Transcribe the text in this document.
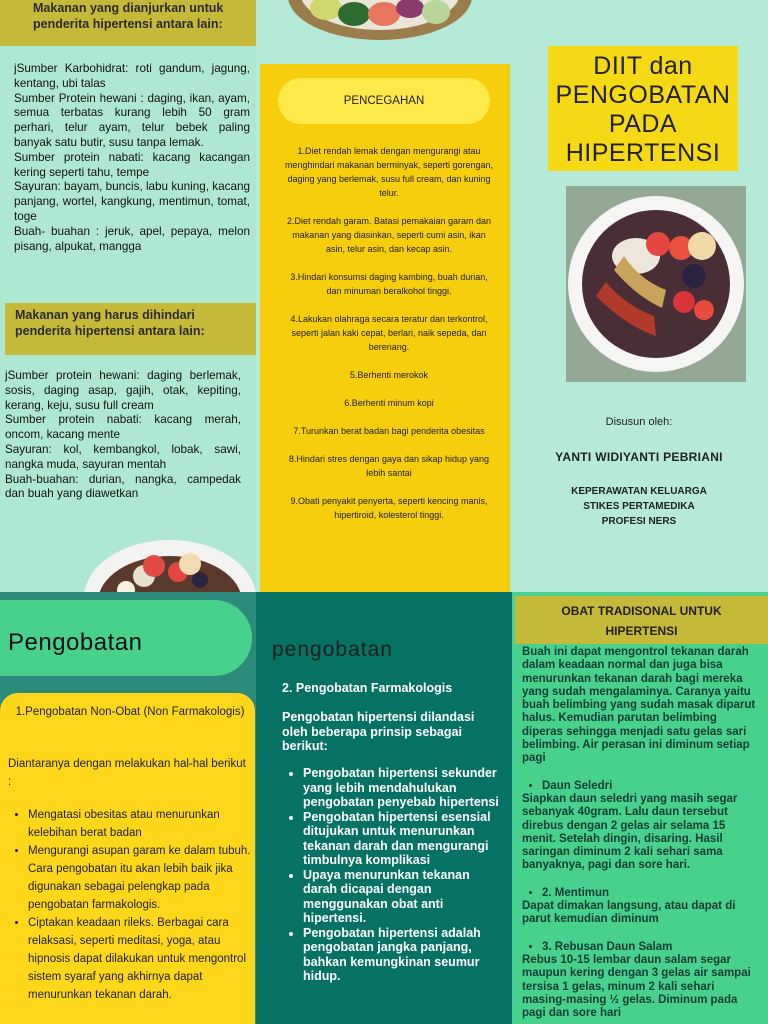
Makanan yang dianjurkan untuk penderita hipertensi antara lain:

jSumber Karbohidrat: roti gandum, jagung, kentang, ubi talas

Sumber Protein hewani : daging, ikan, ayam, semua terbatas kurang lebih 50 gram perhari, telur ayam, telur bebek paling banyak satu butir, susu tanpa lemak.

Sumber protein nabati: kacang kacangan kering seperti tahu, tempe

Sayuran: bayam, buncis, labu kuning, kacang panjang, wortel, kangkung, mentimun, tomat, toge

Buah- buahan : jeruk, apel, pepaya, melon pisang, alpukat, mangga

Makanan yang harus dihindari penderita hipertensi antara lain:

jSumber protein hewani: daging berlemak, sosis, daging asap, gajih, otak, kepiting, kerang, keju, susu full cream

Sumber protein nabati: kacang merah, oncom, kacang mente

Sayuran: kol, kembangkol, lobak, sawi, nangka muda, sayuran mentah

Buah-buahan: durian, nangka, campedak dan buah yang diawetkan

PENCEGAHAN
1.Diet rendah lemak dengan mengurangi atau menghindari makanan berminyak, seperti gorengan, daging yang berlemak, susu full cream, dan kuning telur.
2.Diet rendah garam. Batasi pemakaian garam dan makanan yang diasinkan, seperti cumi asin, ikan asin, telur asin, dan kecap asin.
3.Hindari konsumsi daging kambing, buah durian, dan minuman beralkohol tinggi.
4.Lakukan olahraga secara teratur dan terkontrol, seperti jalan kaki cepat, berlari, naik sepeda, dan berenang.
5.Berhenti merokok
6.Berhenti minum kopi
7.Turunkan berat badan bagi penderita obesitas
8.Hindari stres dengan gaya dan sikap hidup yang lebih santai
9.Obati penyakit penyerta, seperti kencing manis, hipertiroid, kolesterol tinggi.
DIIT dan
PENGOBATAN
PADA
HIPERTENSI
Disusun oleh:
YANTI WIDIYANTI PEBRIANI
KEPERAWATAN KELUARGA
STIKES PERTAMEDIKA
PROFESI NERS
Pengobatan
1.Pengobatan Non-Obat (Non Farmakologis)
Diantaranya dengan melakukan hal-hal berikut :
• Mengatasi obesitas atau menurunkan kelebihan berat badan
• Mengurangi asupan garam ke dalam tubuh. Cara pengobatan itu akan lebih baik jika digunakan sebagai pelengkap pada pengobatan farmakologis.
• Ciptakan keadaan rileks. Berbagai cara relaksasi, seperti meditasi, yoga, atau hipnosis dapat dilakukan untuk mengontrol sistem syaraf yang akhirnya dapat menurunkan tekanan darah.
pengobatan
2. Pengobatan Farmakologis
Pengobatan hipertensi dilandasi oleh beberapa prinsip sebagai berikut:
• Pengobatan hipertensi sekunder yang lebih mendahulukan pengobatan penyebab hipertensi
• Pengobatan hipertensi esensial ditujukan untuk menurunkan tekanan darah dan mengurangi timbulnya komplikasi
• Upaya menurunkan tekanan darah dicapai dengan menggunakan obat anti hipertensi.
• Pengobatan hipertensi adalah pengobatan jangka panjang, bahkan kemungkinan seumur hidup.
OBAT TRADISONAL UNTUK HIPERTENSI
Buah ini dapat mengontrol tekanan darah dalam keadaan normal dan juga bisa menurunkan tekanan darah bagi mereka yang sudah mengalaminya. Caranya yaitu buah belimbing yang sudah masak diparut halus. Kemudian parutan belimbing diperas sehingga menjadi satu gelas sari belimbing. Air perasan ini diminum setiap pagi
• Daun Seledri
Siapkan daun seledri yang masih segar sebanyak 40gram. Lalu daun tersebut direbus dengan 2 gelas air selama 15 menit. Setelah dingin, disaring. Hasil saringan diminum 2 kali sehari sama banyaknya, pagi dan sore hari.
• 2. Mentimun
Dapat dimakan langsung, atau dapat di parut kemudian diminum
• 3. Rebusan Daun Salam
Rebus 10-15 lembar daun salam segar maupun kering dengan 3 gelas air sampai tersisa 1 gelas, minum 2 kali sehari masing-masing ½ gelas. Diminum pada pagi dan sore hari
